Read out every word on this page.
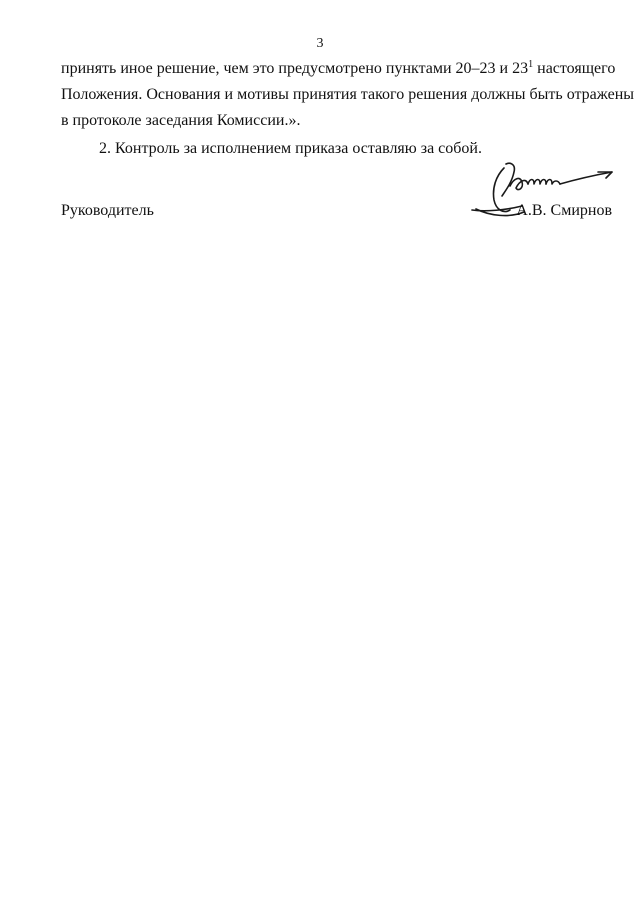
3
принять иное решение, чем это предусмотрено пунктами 20–23 и $23^1$ настоящего
Положения. Основания и мотивы принятия такого решения должны быть отражены
в протоколе заседания Комиссии.».
2. Контроль за исполнением приказа оставляю за собой.
Руководитель	А.В. Смирнов
